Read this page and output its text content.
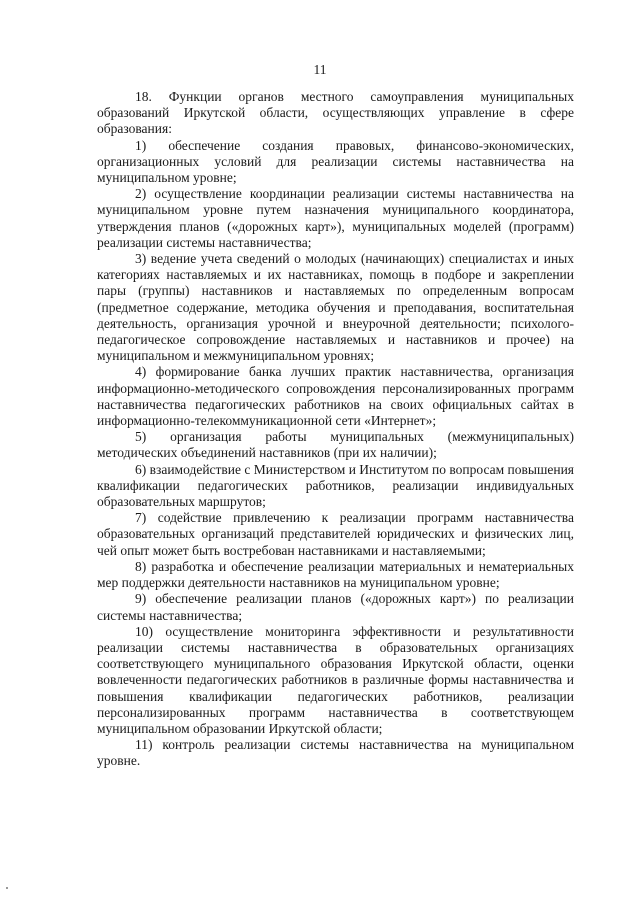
11

18. Функции органов местного самоуправления муниципальных образований Иркутской области, осуществляющих управление в сфере образования:

1) обеспечение создания правовых, финансово-экономических, организационных условий для реализации системы наставничества на муниципальном уровне;

2) осуществление координации реализации системы наставничества на муниципальном уровне путем назначения муниципального координатора, утверждения планов («дорожных карт»), муниципальных моделей (программ) реализации системы наставничества;

3) ведение учета сведений о молодых (начинающих) специалистах и иных категориях наставляемых и их наставниках, помощь в подборе и закреплении пары (группы) наставников и наставляемых по определенным вопросам (предметное содержание, методика обучения и преподавания, воспитательная деятельность, организация урочной и внеурочной деятельности; психолого-педагогическое сопровождение наставляемых и наставников и прочее) на муниципальном и межмуниципальном уровнях;

4) формирование банка лучших практик наставничества, организация информационно-методического сопровождения персонализированных программ наставничества педагогических работников на своих официальных сайтах в информационно-телекоммуникационной сети «Интернет»;

5) организация работы муниципальных (межмуниципальных) методических объединений наставников (при их наличии);

6) взаимодействие с Министерством и Институтом по вопросам повышения квалификации педагогических работников, реализации индивидуальных образовательных маршрутов;

7) содействие привлечению к реализации программ наставничества образовательных организаций представителей юридических и физических лиц, чей опыт может быть востребован наставниками и наставляемыми;

8) разработка и обеспечение реализации материальных и нематериальных мер поддержки деятельности наставников на муниципальном уровне;

9) обеспечение реализации планов («дорожных карт») по реализации системы наставничества;

10) осуществление мониторинга эффективности и результативности реализации системы наставничества в образовательных организациях соответствующего муниципального образования Иркутской области, оценки вовлеченности педагогических работников в различные формы наставничества и повышения квалификации педагогических работников, реализации персонализированных программ наставничества в соответствующем муниципальном образовании Иркутской области;

11) контроль реализации системы наставничества на муниципальном уровне.
